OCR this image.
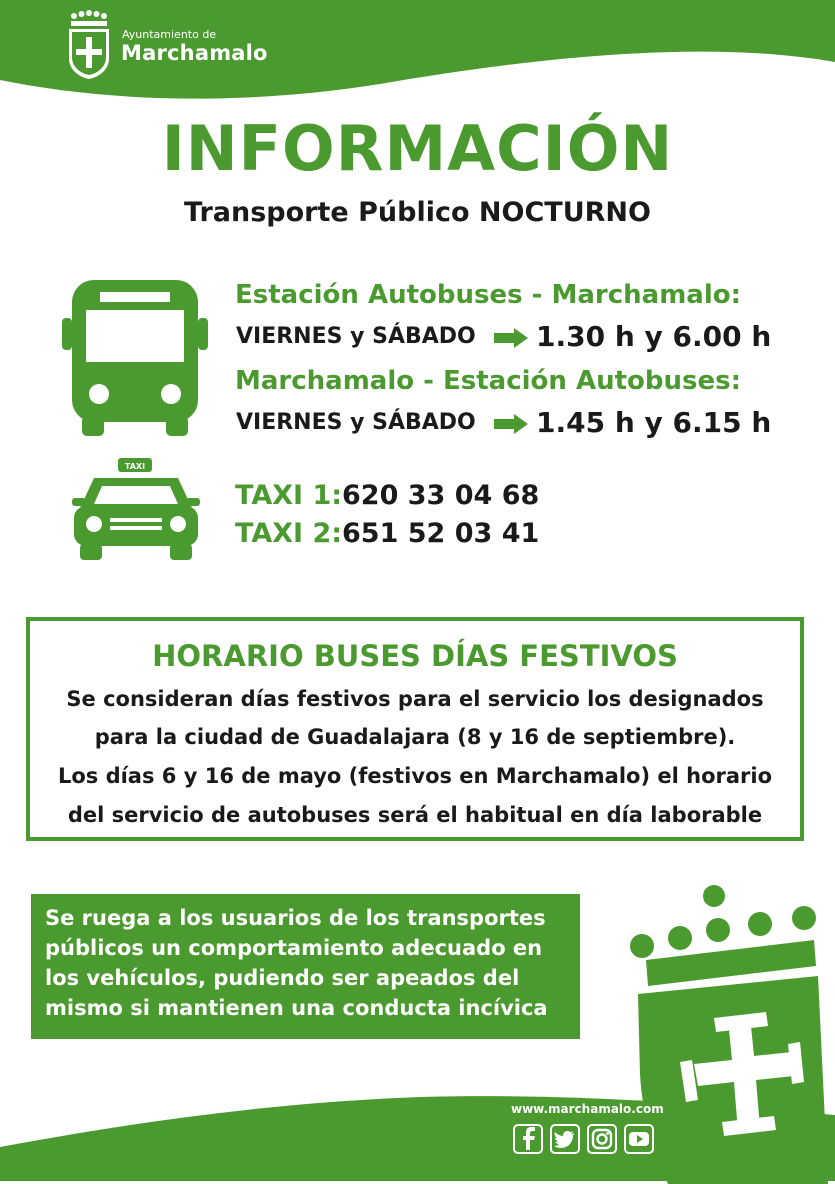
Ayuntamiento de
Marchamalo
INFORMACIÓN
Transporte Público NOCTURNO
Estación Autobuses - Marchamalo:
VIERNES y SÁBADO 1.30 h y 6.00 h
Marchamalo - Estación Autobuses:
VIERNES y SÁBADO 1.45 h y 6.15 h
TAXI
TAXI 1: 620 33 04 68
TAXI 2: 651 52 03 41
HORARIO BUSES DÍAS FESTIVOS
Se consideran días festivos para el servicio los designados
para la ciudad de Guadalajara (8 y 16 de septiembre).
Los días 6 y 16 de mayo (festivos en Marchamalo) el horario
del servicio de autobuses será el habitual en día laborable
Se ruega a los usuarios de los transportes
públicos un comportamiento adecuado en
los vehículos, pudiendo ser apeados del
mismo si mantienen una conducta incívica
www.marchamalo.com
